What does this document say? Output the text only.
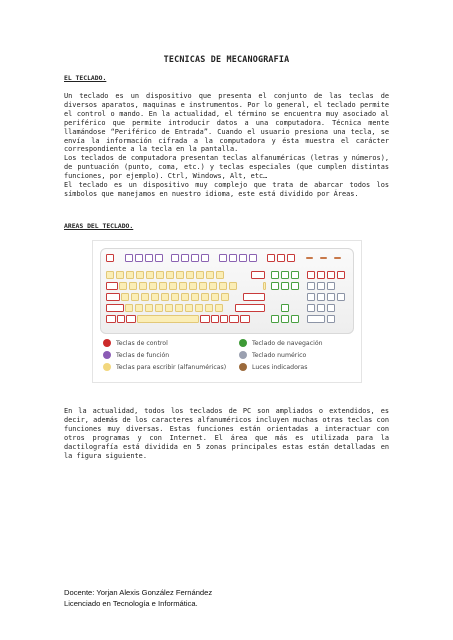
TECNICAS DE MECANOGRAFIA
EL TECLADO.

Un teclado es un dispositivo que presenta el conjunto de las teclas de diversos aparatos, maquinas e instrumentos. Por lo general, el teclado permite el control o mando. En la actualidad, el término se encuentra muy asociado al periférico que permite introducir datos a una computadora. Técnica mente llamándose “Periférico de Entrada”. Cuando el usuario presiona una tecla, se envía la información cifrada a la computadora y ésta muestra el carácter correspondiente a la tecla en la pantalla.

Los teclados de computadora presentan teclas alfanuméricas (letras y números), de puntuación (punto, coma, etc.) y teclas especiales (que cumplen distintas funciones, por ejemplo). Ctrl, Windows, Alt, etc…

El teclado es un dispositivo muy complejo que trata de abarcar todos los símbolos que manejamos en nuestro idioma, este está dividido por Áreas.

AREAS DEL TECLADO.
Teclas de control
Teclas de función
Teclas para escribir (alfanuméricas)
Teclado de navegación
Teclado numérico
Luces indicadoras

En la actualidad, todos los teclados de PC son ampliados o extendidos, es decir, además de los caracteres alfanuméricos incluyen muchas otras teclas con funciones muy diversas. Estas funciones están orientadas a interactuar con otros programas y con Internet. El área que más es utilizada para la dactilografía está dividida en 5 zonas principales estas están detalladas en la figura siguiente.

Docente: Yorjan Alexis González Fernández
Licenciado en Tecnología e Informática.
